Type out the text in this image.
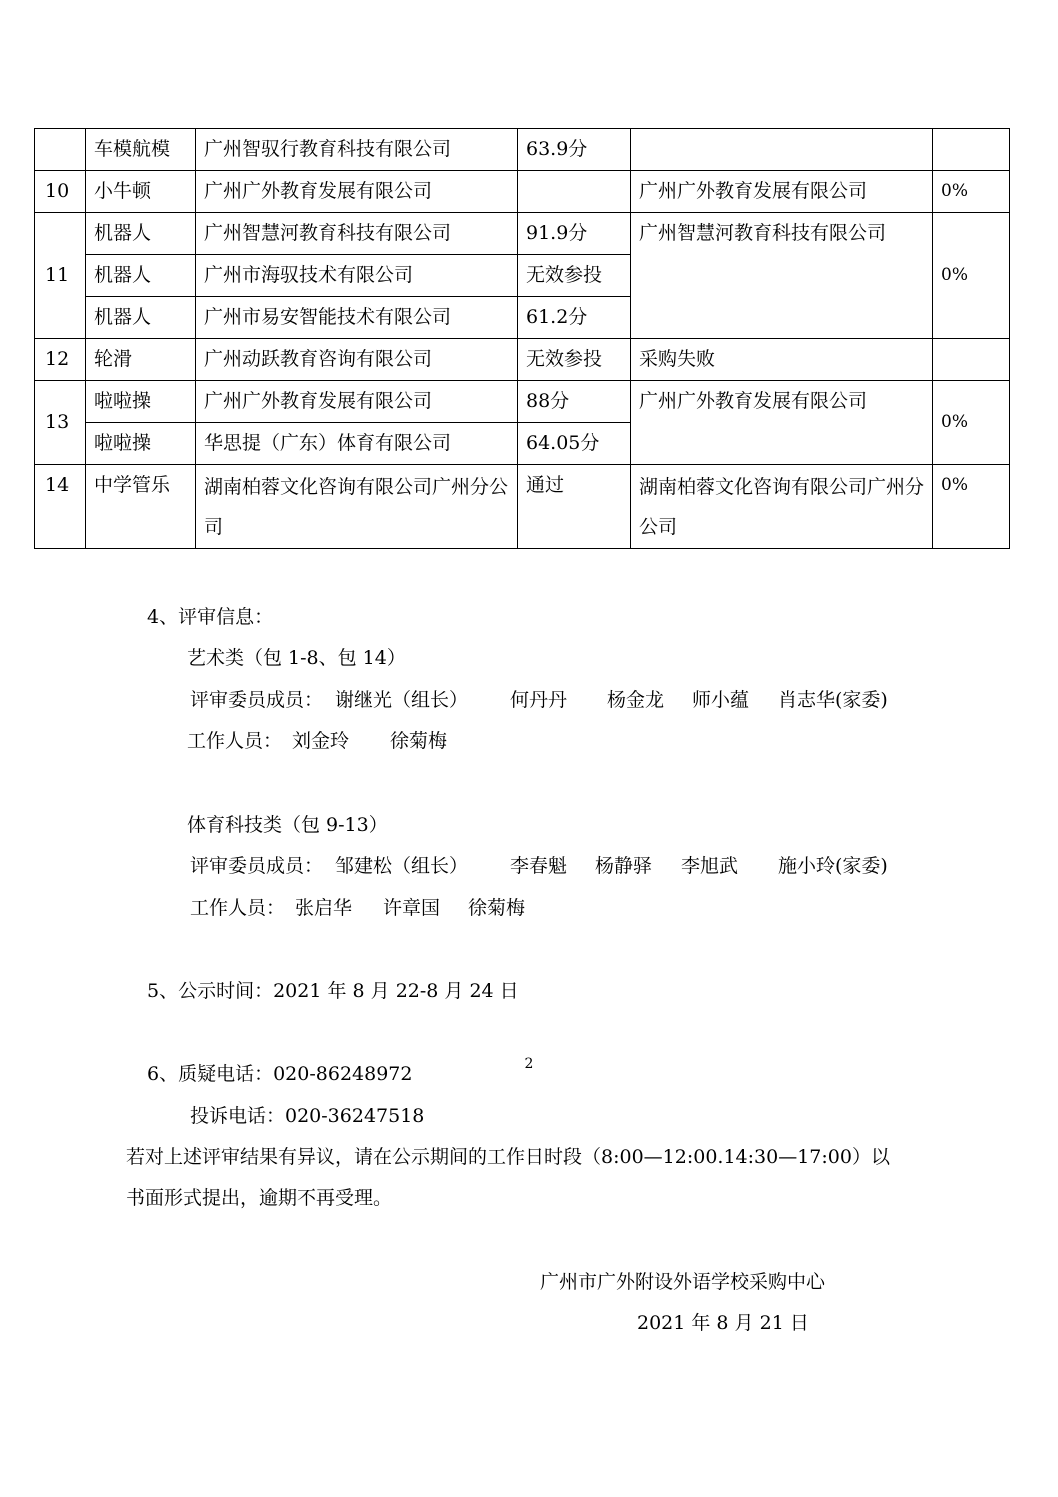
	车模航模	广州智驭行教育科技有限公司	63.9分		
10	小牛顿	广州广外教育发展有限公司		广州广外教育发展有限公司	0%
11	机器人	广州智慧河教育科技有限公司	91.9分	广州智慧河教育科技有限公司	0%
	机器人	广州市海驭技术有限公司	无效参投		
	机器人	广州市易安智能技术有限公司	61.2分		
12	轮滑	广州动跃教育咨询有限公司	无效参投	采购失败	
13	啦啦操	广州广外教育发展有限公司	88分	广州广外教育发展有限公司	0%
	啦啦操	华思提（广东）体育有限公司	64.05分		
14	中学管乐	湖南柏蓉文化咨询有限公司广州分公司	通过	湖南柏蓉文化咨询有限公司广州分公司	0%
4、评审信息：
艺术类（包 1-8、包 14）
评审委员成员： 谢继光（组长） 何丹丹 杨金龙 师小蕴 肖志华(家委)
工作人员： 刘金玲 徐菊梅
体育科技类（包 9-13）
评审委员成员： 邹建松（组长） 李春魁 杨静驿 李旭武 施小玲(家委)
工作人员： 张启华 许章国 徐菊梅
5、公示时间：2021 年 8 月 22-8 月 24 日
6、质疑电话：020-86248972
投诉电话：020-36247518
若对上述评审结果有异议，请在公示期间的工作日时段（8:00—12:00.14:30—17:00）以
书面形式提出，逾期不再受理。
广州市广外附设外语学校采购中心
2021 年 8 月 21 日
2
